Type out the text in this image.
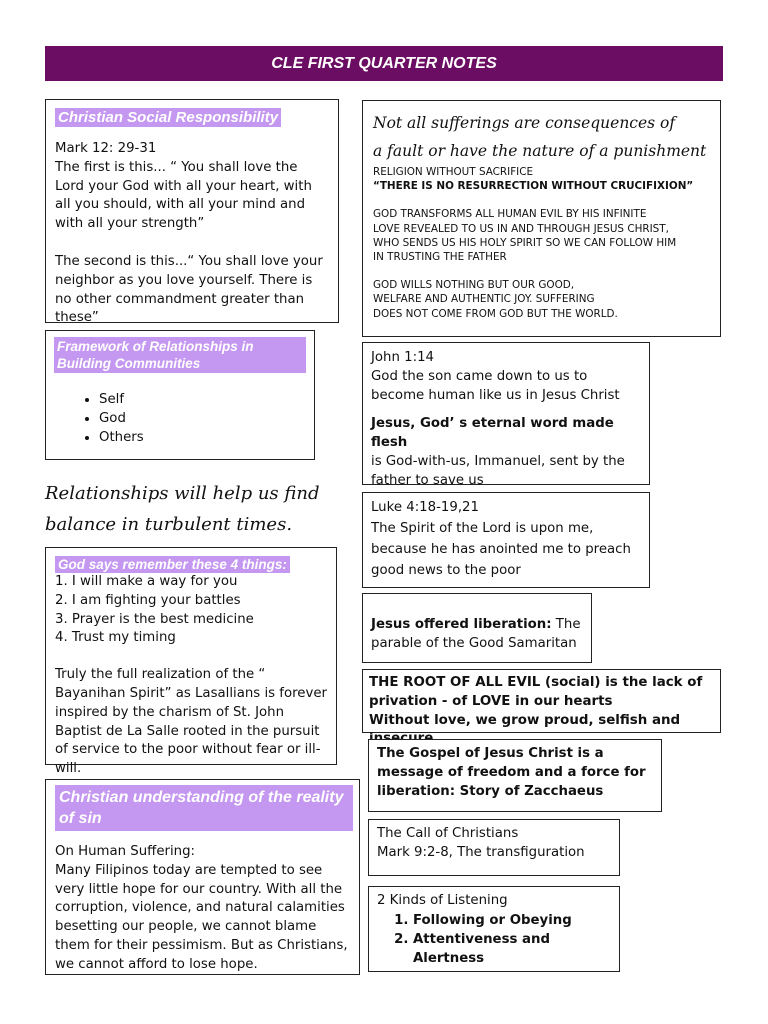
CLE FIRST QUARTER NOTES
Christian Social Responsibility
Mark 12: 29-31
The first is this... “ You shall love the Lord your God with all your heart, with all you should, with all your mind and with all your strength”
The second is this...“ You shall love your neighbor as you love yourself. There is no other commandment greater than these”
Framework of Relationships in Building Communities
• Self
• God
• Others
Relationships will help us find
balance in turbulent times.
God says remember these 4 things:
1. I will make a way for you
2. I am fighting your battles
3. Prayer is the best medicine
4. Trust my timing
Truly the full realization of the “ Bayanihan Spirit” as Lasallians is forever inspired by the charism of St. John Baptist de La Salle rooted in the pursuit of service to the poor without fear or ill-will.
Christian understanding of the reality of sin
On Human Suffering:
Many Filipinos today are tempted to see very little hope for our country. With all the corruption, violence, and natural calamities besetting our people, we cannot blame them for their pessimism. But as Christians, we cannot afford to lose hope.
Not all sufferings are consequences of
a fault or have the nature of a punishment
RELIGION WITHOUT SACRIFICE
“THERE IS NO RESURRECTION WITHOUT CRUCIFIXION”
GOD TRANSFORMS ALL HUMAN EVIL BY HIS INFINITE
LOVE REVEALED TO US IN AND THROUGH JESUS CHRIST,
WHO SENDS US HIS HOLY SPIRIT SO WE CAN FOLLOW HIM
IN TRUSTING THE FATHER
GOD WILLS NOTHING BUT OUR GOOD,
WELFARE AND AUTHENTIC JOY. SUFFERING
DOES NOT COME FROM GOD BUT THE WORLD.
John 1:14
God the son came down to us to become human like us in Jesus Christ
Jesus, God’ s eternal word made flesh
is God-with-us, Immanuel, sent by the father to save us
Luke 4:18-19,21
The Spirit of the Lord is upon me, because he has anointed me to preach good news to the poor
Jesus offered liberation: The parable of the Good Samaritan
THE ROOT OF ALL EVIL (social) is the lack of privation - of LOVE in our hearts
Without love, we grow proud, selfish and
The Gospel of Jesus Christ is a message of freedom and a force for liberation: Story of Zacchaeus
The Call of Christians
Mark 9:2-8, The transfiguration
2 Kinds of Listening
1. Following or Obeying
2. Attentiveness and Alertness
